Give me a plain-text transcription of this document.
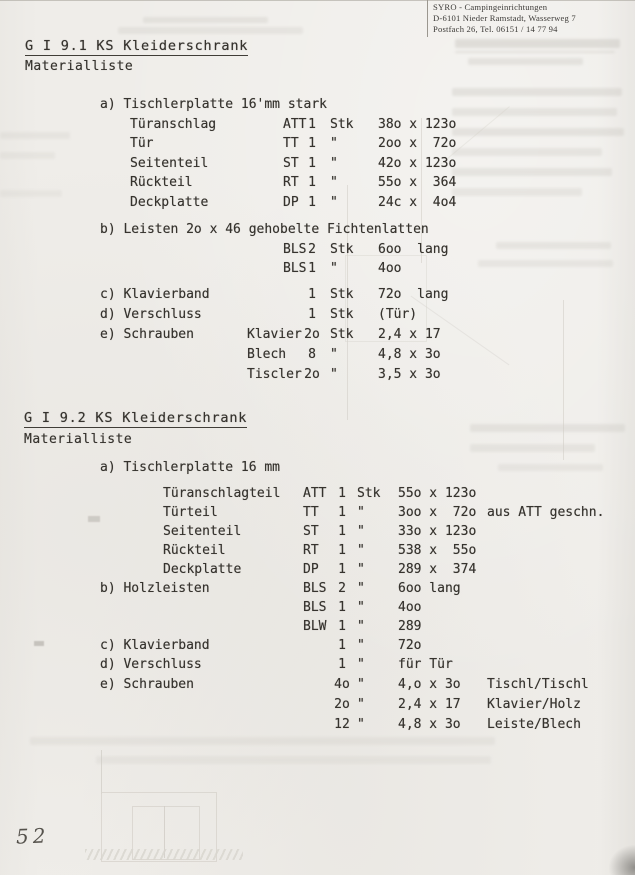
SYRO - Campingeinrichtungen
D-6101 Nieder Ramstadt, Wasserweg 7
Postfach 26, Tel. 06151 / 14 77 94
G I 9.1 KS Kleiderschrank
Materialliste
a) Tischlerplatte 16'mm stark
Türanschlag	ATT 1	Stk 38o x 123o
Tür	TT 1	"	2oo x  72o
Seitenteil	ST 1	"	42o x 123o
Rückteil	RT 1	"	55o x  364
Deckplatte	DP 1	"	24c x  4o4
b) Leisten 2o x 46 gehobelte Fichtenlatten
BLS 2	Stk 6oo  lang
BLS 1	"	4oo
c) Klavierband	1	Stk 72o  lang
d) Verschluss	1	Stk (Tür)
e) Schrauben	Klavier 2o Stk 2,4 x 17
Blech	8	"	4,8 x 3o
Tiscler 2o "	3,5 x 3o
G I 9.2 KS Kleiderschrank
Materialliste
a) Tischlerplatte 16 mm
Türanschlagteil ATT 1 Stk 55o x 123o
Türteil	TT	1 "	3oo x  72o aus ATT geschn.
Seitenteil	ST	1 "	33o x 123o
Rückteil	RT	1 "	538 x  55o
Deckplatte	DP	1 "	289 x  374
b) Holzleisten	BLS 2 "	6oo lang
BLS 1 "	4oo
BLW 1 "	289
c) Klavierband	1 "	72o
d) Verschluss	1 "	für Tür
e) Schrauben	4o "	4,o x 3o Tischl/Tischl
2o "	2,4 x 17 Klavier/Holz
12 "	4,8 x 3o Leiste/Blech
52
